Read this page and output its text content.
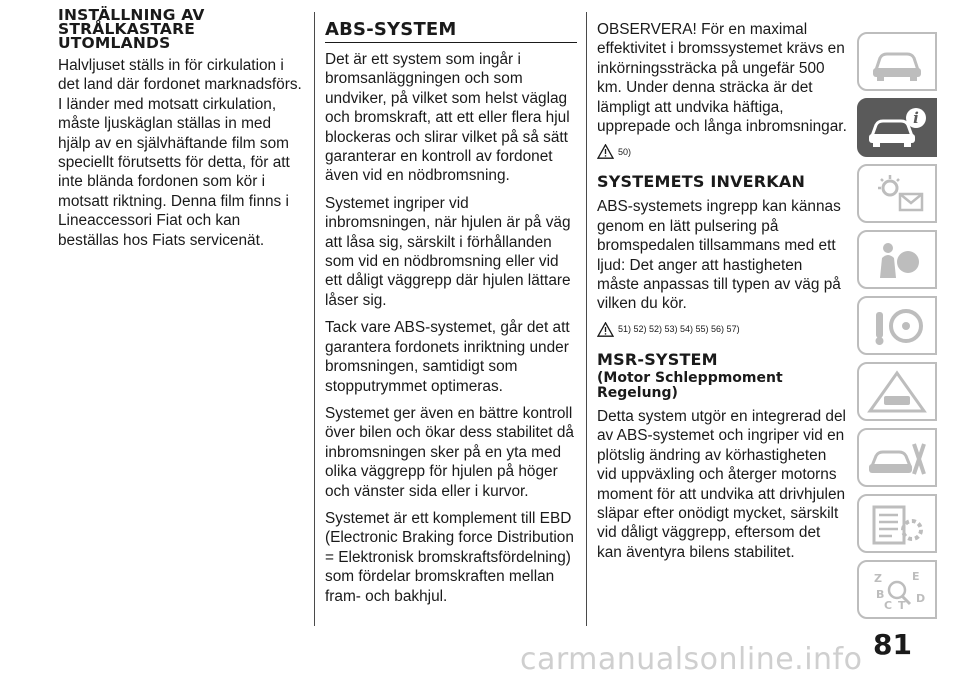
INSTÄLLNING AV STRÅLKASTARE UTOMLANDS

Halvljuset ställs in för cirkulation i det land där fordonet marknadsförs. I länder med motsatt cirkulation, måste ljuskäglan ställas in med hjälp av en självhäftande film som speciellt förutsetts för detta, för att inte blända fordonen som kör i motsatt riktning. Denna film finns i Lineaccessori Fiat och kan beställas hos Fiats servicenät.

ABS-SYSTEM

Det är ett system som ingår i bromsanläggningen och som undviker, på vilket som helst väglag och bromskraft, att ett eller flera hjul blockeras och slirar vilket på så sätt garanterar en kontroll av fordonet även vid en nödbromsning.

Systemet ingriper vid inbromsningen, när hjulen är på väg att låsa sig, särskilt i förhållanden som vid en nödbromsning eller vid ett dåligt väggrepp där hjulen lättare låser sig.

Tack vare ABS-systemet, går det att garantera fordonets inriktning under bromsningen, samtidigt som stopputrymmet optimeras.

Systemet ger även en bättre kontroll över bilen och ökar dess stabilitet då inbromsningen sker på en yta med olika väggrepp för hjulen på höger och vänster sida eller i kurvor.

Systemet är ett komplement till EBD (Electronic Braking force Distribution = Elektronisk bromskraftsfördelning) som fördelar bromskraften mellan fram- och bakhjul.

OBSERVERA! För en maximal effektivitet i bromssystemet krävs en inkörningssträcka på ungefär 500 km. Under denna sträcka är det lämpligt att undvika häftiga, upprepade och långa inbromsningar.

50)
SYSTEMETS INVERKAN

ABS-systemets ingrepp kan kännas genom en lätt pulsering på bromspedalen tillsammans med ett ljud: Det anger att hastigheten måste anpassas till typen av väg på vilken du kör.

51) 52) 52) 53) 54) 55) 56) 57)
MSR-SYSTEM
(Motor Schleppmoment Regelung)

Detta system utgör en integrerad del av ABS-systemet och ingriper vid en plötslig ändring av körhastigheten vid uppväxling och återger motorns moment för att undvika att drivhjulen släpar efter onödigt mycket, särskilt vid dåligt väggrepp, eftersom det kan äventyra bilens stabilitet.

i
Z	E
B
C T
D
81
carmanualsonline.info
